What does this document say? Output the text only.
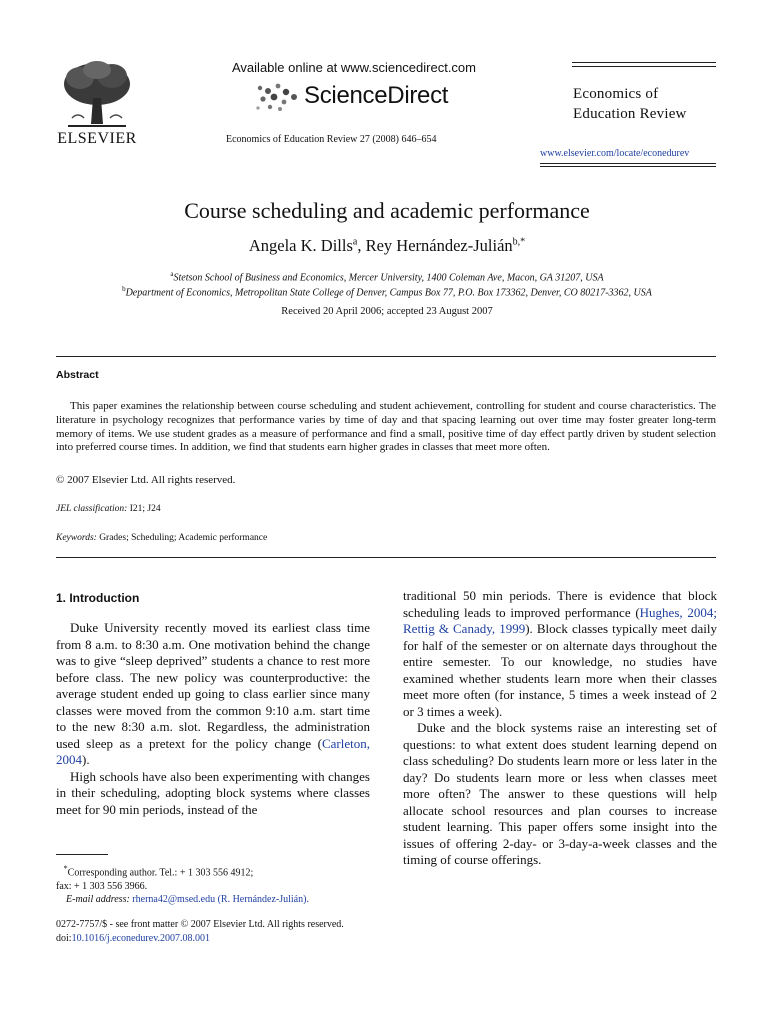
ELSEVIER
Available online at www.sciencedirect.com
ScienceDirect
Economics of Education Review 27 (2008) 646–654
Economics of
Education Review
www.elsevier.com/locate/econedurev
Course scheduling and academic performance
Angela K. Dills$^a$, Rey Hernández-Julián$^{b,*}$
$^a$Stetson School of Business and Economics, Mercer University, 1400 Coleman Ave, Macon, GA 31207, USA
$^b$Department of Economics, Metropolitan State College of Denver, Campus Box 77, P.O. Box 173362, Denver, CO 80217-3362, USA
Received 20 April 2006; accepted 23 August 2007
Abstract
This paper examines the relationship between course scheduling and student achievement, controlling for student and course characteristics. The literature in psychology recognizes that performance varies by time of day and that spacing learning out over time may foster greater long-term memory of items. We use student grades as a measure of performance and find a small, positive time of day effect partly driven by student selection into preferred course times. In addition, we find that students earn higher grades in classes that meet more often.
© 2007 Elsevier Ltd. All rights reserved.
JEL classification: I21; J24
Keywords: Grades; Scheduling; Academic performance
1. Introduction

Duke University recently moved its earliest class time from 8 a.m. to 8:30 a.m. One motivation behind the change was to give “sleep deprived” students a chance to rest more before class. The new policy was counterproductive: the average student ended up going to class earlier since many classes were moved from the common 9:10 a.m. start time to the new 8:30 a.m. slot. Regardless, the administration used sleep as a pretext for the policy change (Carleton, 2004).

High schools have also been experimenting with changes in their scheduling, adopting block systems where classes meet for 90 min periods, instead of the

traditional 50 min periods. There is evidence that block scheduling leads to improved performance (Hughes, 2004; Rettig & Canady, 1999). Block classes typically meet daily for half of the semester or on alternate days throughout the entire semester. To our knowledge, no studies have examined whether students learn more when their classes meet more often (for instance, 5 times a week instead of 2 or 3 times a week).

Duke and the block systems raise an interesting set of questions: to what extent does student learning depend on class scheduling? Do students learn more or less later in the day? Do students learn more or less when classes meet more often? The answer to these questions will help allocate school resources and plan courses to increase student learning. This paper offers some insight into the issues of offering 2-day- or 3-day-a-week classes and the timing of course offerings.

*Corresponding author. Tel.: + 1 303 556 4912;
fax: + 1 303 556 3966.
E-mail address: rherna42@msed.edu (R. Hernández-Julián).
0272-7757/$ - see front matter © 2007 Elsevier Ltd. All rights reserved.
doi:10.1016/j.econedurev.2007.08.001
